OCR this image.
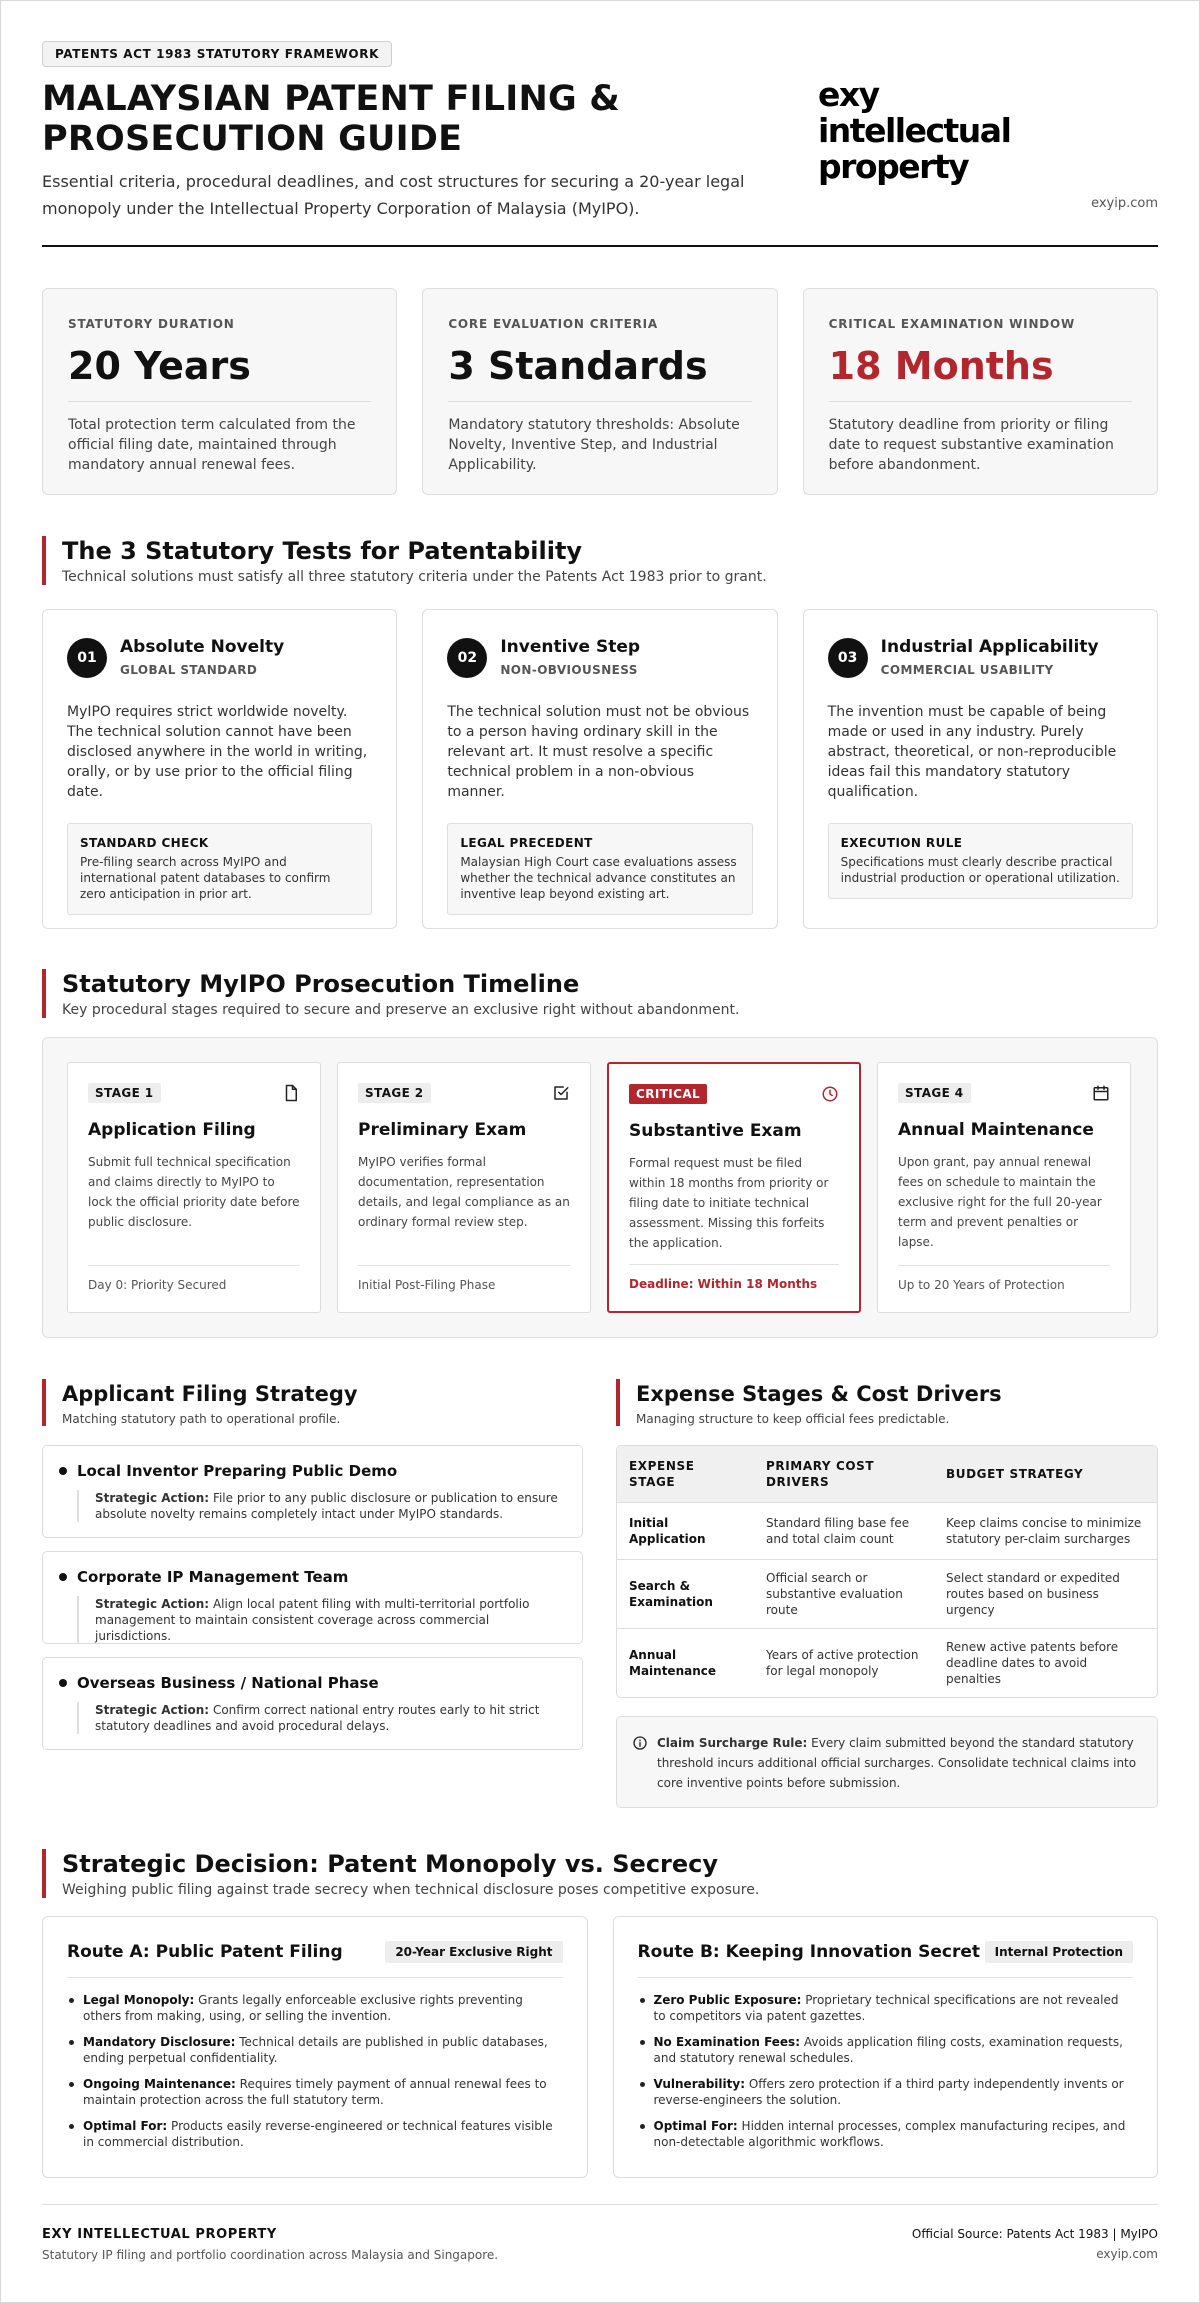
PATENTS ACT 1983 STATUTORY FRAMEWORK
MALAYSIAN PATENT FILING & PROSECUTION GUIDE

Essential criteria, procedural deadlines, and cost structures for securing a 20-year legal monopoly under the Intellectual Property Corporation of Malaysia (MyIPO).

exy
intellectual property
exyip.com
STATUTORY DURATION
20 Years
Total protection term calculated from the official filing date, maintained through mandatory annual renewal fees.
CORE EVALUATION CRITERIA
3 Standards
Mandatory statutory thresholds: Absolute Novelty, Inventive Step, and Industrial Applicability.
CRITICAL EXAMINATION WINDOW
18 Months
Statutory deadline from priority or filing date to request substantive examination before abandonment.
The 3 Statutory Tests for Patentability

Technical solutions must satisfy all three statutory criteria under the Patents Act 1983 prior to grant.

01
Absolute Novelty
GLOBAL STANDARD

MyIPO requires strict worldwide novelty. The technical solution cannot have been disclosed anywhere in the world in writing, orally, or by use prior to the official filing date.

STANDARD CHECK
Pre-filing search across MyIPO and international patent databases to confirm zero anticipation in prior art.
02
Inventive Step
NON-OBVIOUSNESS

The technical solution must not be obvious to a person having ordinary skill in the relevant art. It must resolve a specific technical problem in a non-obvious manner.

LEGAL PRECEDENT
Malaysian High Court case evaluations assess whether the technical advance constitutes an inventive leap beyond existing art.
03
Industrial Applicability
COMMERCIAL USABILITY

The invention must be capable of being made or used in any industry. Purely abstract, theoretical, or non-reproducible ideas fail this mandatory statutory qualification.

EXECUTION RULE
Specifications must clearly describe practical industrial production or operational utilization.
Statutory MyIPO Prosecution Timeline

Key procedural stages required to secure and preserve an exclusive right without abandonment.

STAGE 1
Application Filing

Submit full technical specification and claims directly to MyIPO to lock the official priority date before public disclosure.

Day 0: Priority Secured
STAGE 2
Preliminary Exam

MyIPO verifies formal documentation, representation details, and legal compliance as an ordinary formal review step.

Initial Post-Filing Phase
CRITICAL
Substantive Exam

Formal request must be filed within 18 months from priority or filing date to initiate technical assessment. Missing this forfeits the application.

Deadline: Within 18 Months
STAGE 4
Annual Maintenance

Upon grant, pay annual renewal fees on schedule to maintain the exclusive right for the full 20-year term and prevent penalties or lapse.

Up to 20 Years of Protection
Applicant Filing Strategy

Matching statutory path to operational profile.

Local Inventor Preparing Public Demo
Strategic Action: File prior to any public disclosure or publication to ensure absolute novelty remains completely intact under MyIPO standards.
Corporate IP Management Team
Strategic Action: Align local patent filing with multi-territorial portfolio management to maintain consistent coverage across commercial jurisdictions.
Overseas Business / National Phase
Strategic Action: Confirm correct national entry routes early to hit strict statutory deadlines and avoid procedural delays.
Expense Stages & Cost Drivers

Managing structure to keep official fees predictable.

EXPENSE STAGE	PRIMARY COST DRIVERS	BUDGET STRATEGY
Initial Application	Standard filing base fee and total claim count	Keep claims concise to minimize statutory per-claim surcharges
Search & Examination	Official search or substantive evaluation route	Select standard or expedited routes based on business urgency
Annual Maintenance	Years of active protection for legal monopoly	Renew active patents before deadline dates to avoid penalties
Claim Surcharge Rule: Every claim submitted beyond the standard statutory threshold incurs additional official surcharges. Consolidate technical claims into core inventive points before submission.
Strategic Decision: Patent Monopoly vs. Secrecy

Weighing public filing against trade secrecy when technical disclosure poses competitive exposure.

Route A: Public Patent Filing	20-Year Exclusive Right
Legal Monopoly: Grants legally enforceable exclusive rights preventing others from making, using, or selling the invention.
Mandatory Disclosure: Technical details are published in public databases, ending perpetual confidentiality.
Ongoing Maintenance: Requires timely payment of annual renewal fees to maintain protection across the full statutory term.
Optimal For: Products easily reverse-engineered or technical features visible in commercial distribution.
Route B: Keeping Innovation Secret	Internal Protection
Zero Public Exposure: Proprietary technical specifications are not revealed to competitors via patent gazettes.
No Examination Fees: Avoids application filing costs, examination requests, and statutory renewal schedules.
Vulnerability: Offers zero protection if a third party independently invents or reverse-engineers the solution.
Optimal For: Hidden internal processes, complex manufacturing recipes, and non-detectable algorithmic workflows.
EXY INTELLECTUAL PROPERTY
Statutory IP filing and portfolio coordination across Malaysia and Singapore.
Official Source: Patents Act 1983 | MyIPO
exyip.com
